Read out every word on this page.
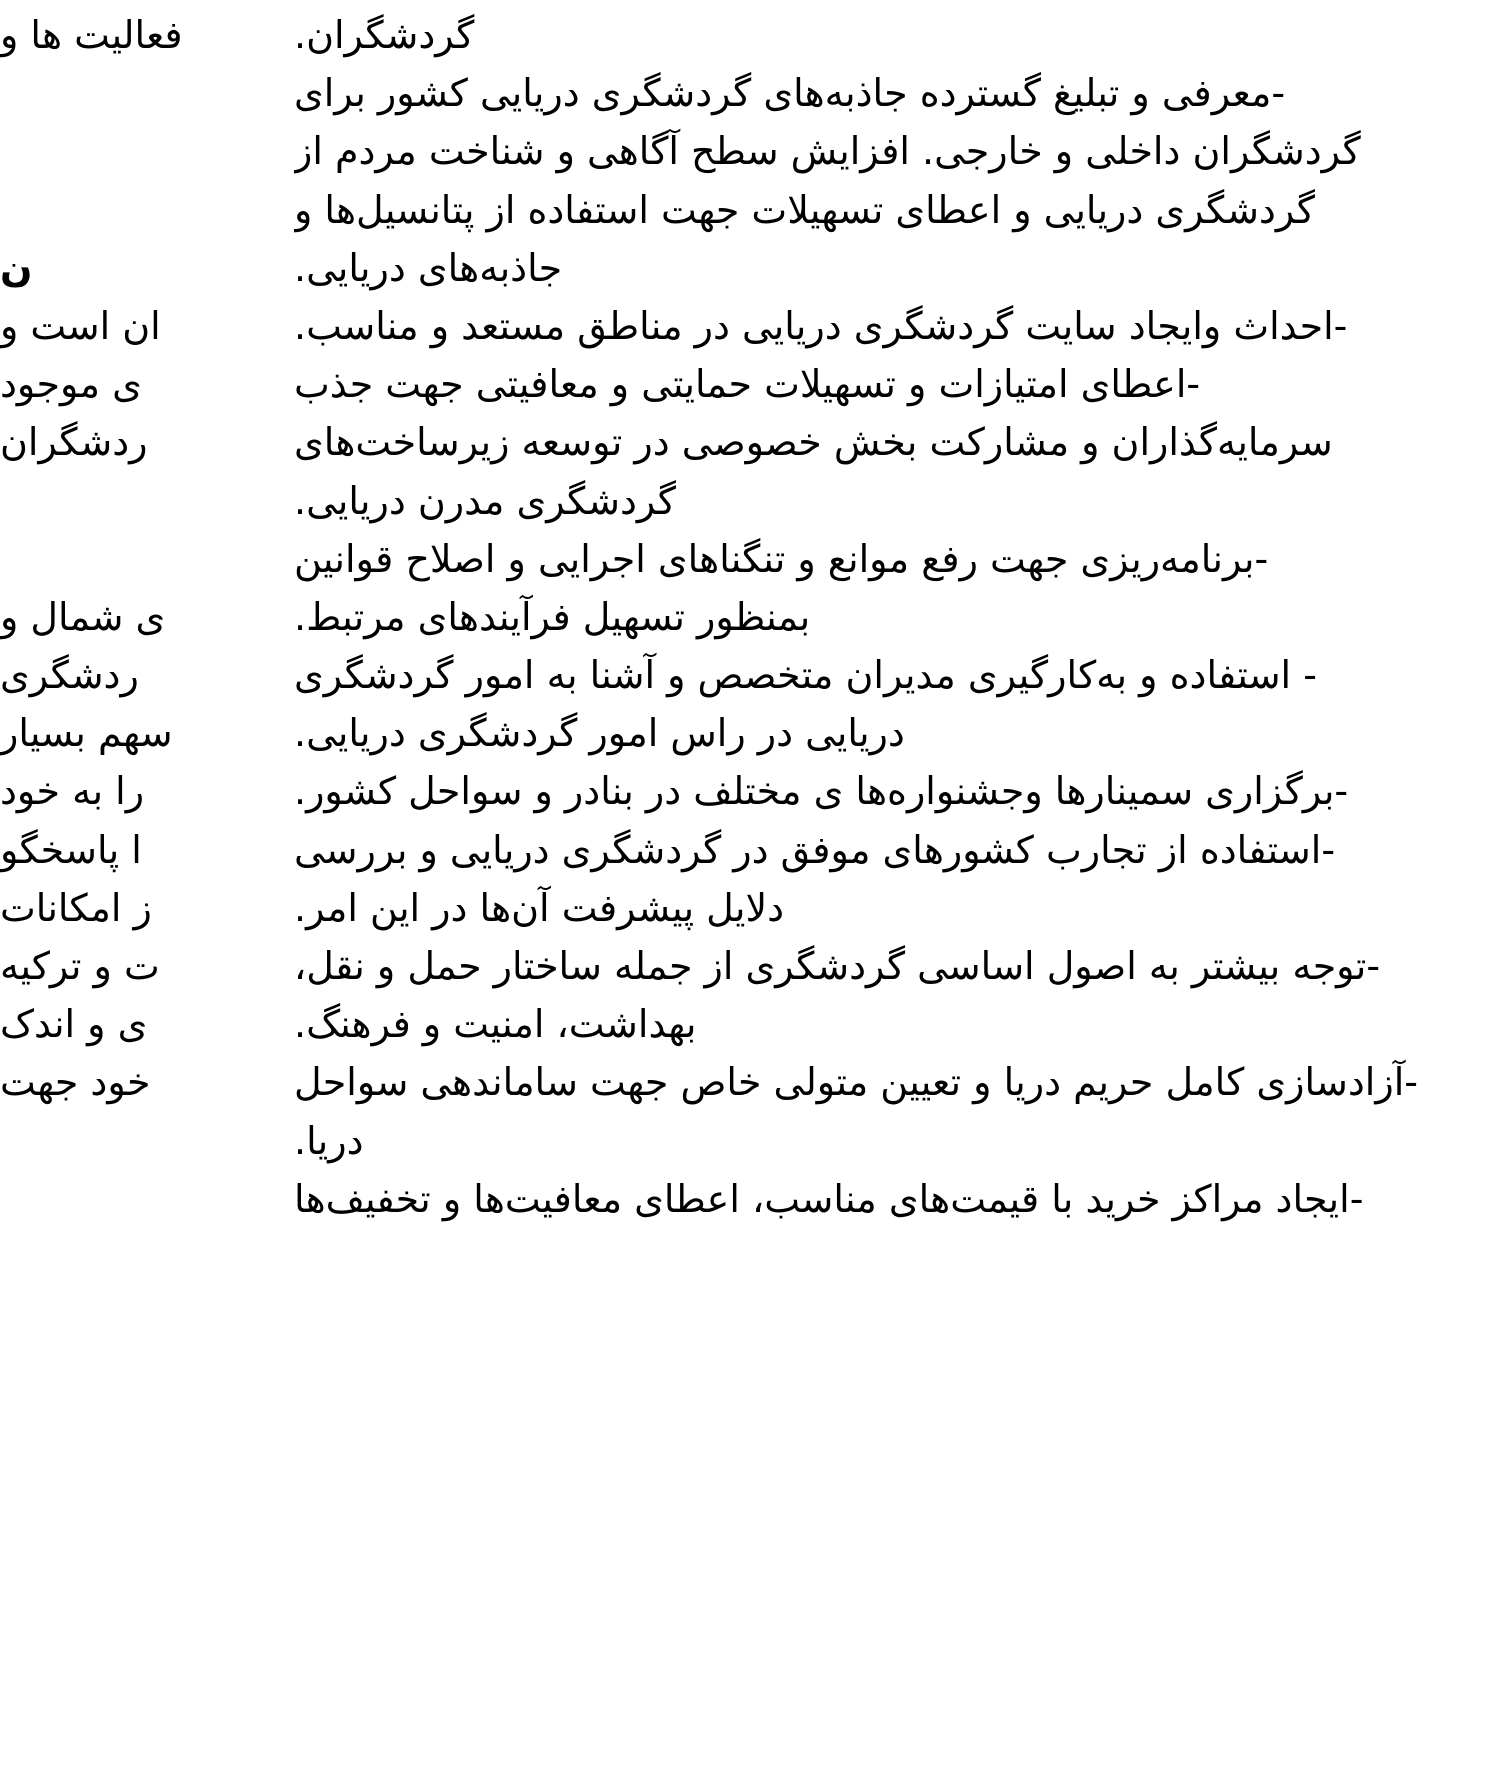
فعالیت ها و
ن
ان است و
ی موجود
ردشگران
ی شمال و
ردشگری
سهم بسیار
را به خود
ا پاسخگو
ز امکانات
ت و ترکیه
ی و اندک
خود جهت
گردشگران.
-معرفی و تبلیغ گسترده جاذبه‌های گردشگری دریایی کشور برای
گردشگران داخلی و خارجی. افزایش سطح آگاهی و شناخت مردم از
گردشگری دریایی و اعطای تسهیلات جهت استفاده از پتانسیل‌ها و
جاذبه‌های دریایی.
-احداث وایجاد سایت گردشگری دریایی در مناطق مستعد و مناسب.
-اعطای امتیازات و تسهیلات حمایتی و معافیتی جهت جذب
سرمایه‌گذاران و مشارکت بخش خصوصی در توسعه زیرساخت‌های
گردشگری مدرن دریایی.
-برنامه‌ریزی جهت رفع موانع و تنگناهای اجرایی و اصلاح قوانین
بمنظور تسهیل فرآیندهای مرتبط.
- استفاده و به‌کارگیری مدیران متخصص و آشنا به امور گردشگری
دریایی در راس امور گردشگری دریایی.
-برگزاری سمینارها وجشنواره‌ها ی مختلف در بنادر و سواحل کشور.
-استفاده از تجارب کشورهای موفق در گردشگری دریایی و بررسی
دلایل پیشرفت آن‌ها در این امر.
-توجه بیشتر به اصول اساسی گردشگری از جمله ساختار حمل و نقل،
بهداشت، امنیت و فرهنگ.
-آزادسازی کامل حریم دریا و تعیین متولی خاص جهت ساماندهی سواحل
دریا.
-ایجاد مراکز خرید با قیمت‌های مناسب، اعطای معافیت‌ها و تخفیف‌ها
